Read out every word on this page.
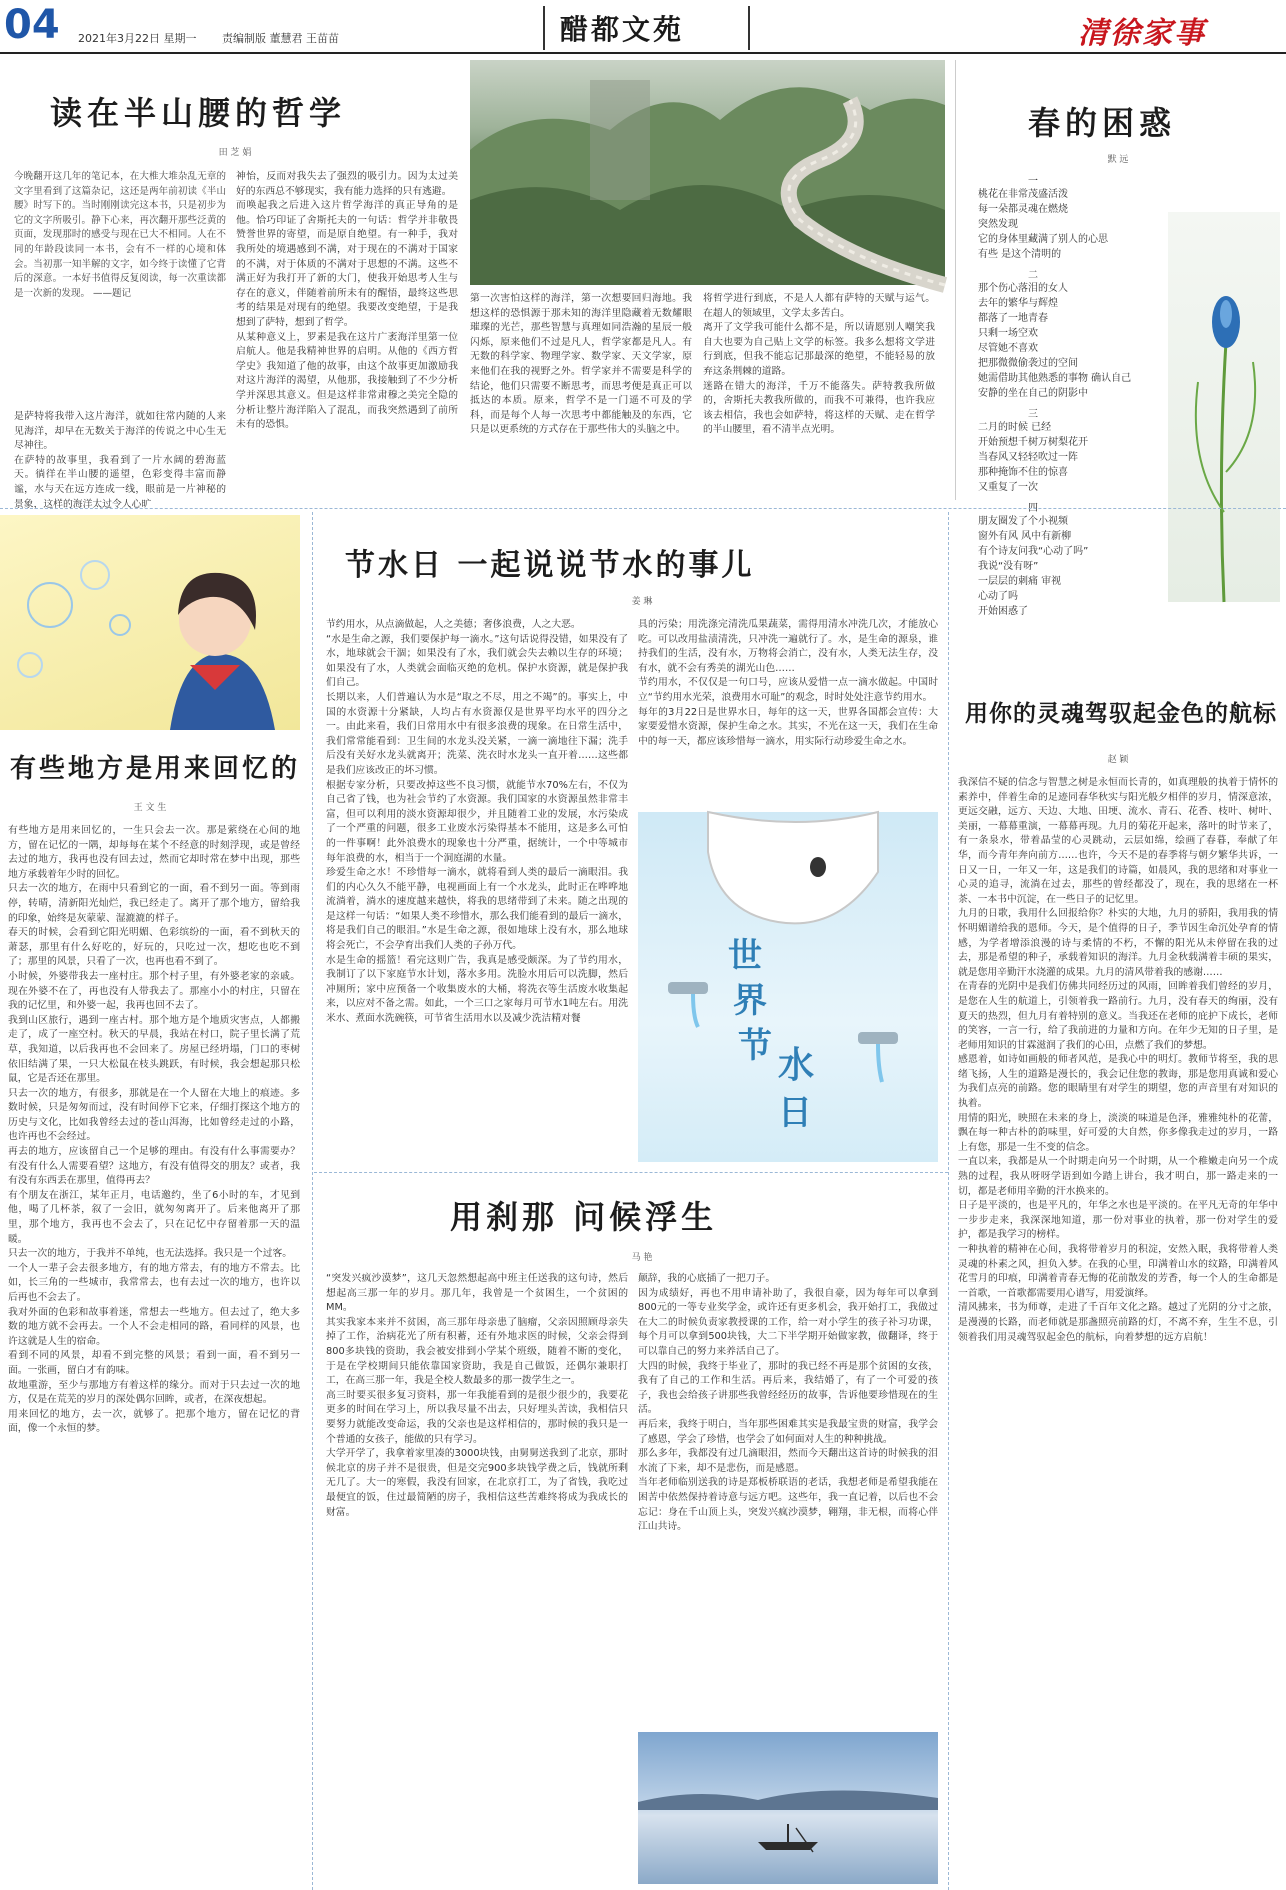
04 2021年3月22日 星期一 责编制版 董慧君 王苗苗	醋都文苑	清徐家事
读在半山腰的哲学
田 芝 娟
今晚翻开这几年的笔记本，在大椎大堆杂乱无章的文字里看到了这篇杂记，这还是两年前初读《半山腰》时写下的。当时刚刚读完这本书，只是初步为它的文字所吸引。静下心来，再次翻开那些泛黄的页面，发现那时的感受与现在已大不相同。人在不同的年龄段读同一本书，会有不一样的心境和体会。当初那一知半解的文字，如今终于读懂了它背后的深意。一本好书值得反复阅读，每一次重读都是一次新的发现。 ——题记
是萨特将我带入这片海洋，就如往常内随的人来见海洋，却早在无数关于海洋的传说之中心生无尽神往。
在萨特的故事里，我看到了一片水阔的碧海蓝天。徜徉在半山腰的遥望，色彩变得丰富而静谧，水与天在远方连成一线，眼前是一片神秘的景象，这样的海洋太过令人心旷
神怡，反而对我失去了强烈的吸引力。因为太过美好的东西总不够现实，我有能力选择的只有逃避。
而唤起我之后进入这片哲学海洋的真正导角的是他。恰巧印证了舍斯托夫的一句话：哲学并非敬畏赞誉世界的寄望，而是原自绝望。有一种手，我对我所处的境遇感到不满，对于现在的不满对于国家的不满，对于体质的不满对于思想的不满。这些不满正好为我打开了新的大门，使我开始思考人生与存在的意义，伴随着前所未有的醒悟，最终这些思考的结果是对现有的绝望。我要改变绝望，于是我想到了萨特，想到了哲学。
从某种意义上，罗素是我在这片广袤海洋里第一位启航人。他是我精神世界的启明。从他的《西方哲学史》我知道了他的故事，由这个故事更加激励我对这片海洋的渴望，从他那，我接触到了不少分析学并深思其意义。但是这样非常肃穆之美完全隐的分析让整片海洋陷入了混乱，而我突然遇到了前所未有的恐惧。
第一次害怕这样的海洋，第一次想要回归海地。我想这样的恐惧源于那未知的海洋里隐藏着无数耀眼璀璨的光芒，那些智慧与真理如同浩瀚的星辰一般闪烁，原来他们不过是凡人，哲学家都是凡人。有无数的科学家、物理学家、数学家、天文学家，原来他们在我的视野之外。哲学家并不需要是科学的结论，他们只需要不断思考，而思考便是真正可以抵达的本质。原来，哲学不是一门遥不可及的学科，而是每个人每一次思考中都能触及的东西，它只是以更系统的方式存在于那些伟大的头脑之中。
将哲学进行到底，不是人人都有萨特的天赋与运气。在超人的领域里，文学太多苦白。
离开了文学我可能什么都不是，所以请愿别人嘲笑我自大也要为自己贴上文学的标签。我多么想将文学进行到底，但我不能忘记那最深的绝望，不能轻易的放弃这条荆棘的道路。
迷路在错大的海洋，千万不能落失。萨特教我所做的，舍斯托夫教我所做的，而我不可兼得，也许我应该去相信，我也会如萨特，将这样的天赋、走在哲学的半山腰里，看不清半点光明。
春的困惑
默 远
一
桃花在非常茂盛活泼
每一朵都灵魂在燃烧
突然发现
它的身体里藏满了别人的心思
有些 是这个清明的
二
那个伤心落泪的女人
去年的繁华与辉煌
都落了一地青春
只剩一场空欢
尽管她不喜欢
把那微微偷袭过的空间
她需借助其他熟悉的事物 确认自己
安静的坐在自己的阴影中
三
二月的时候 已经
开始预想千树万树梨花开
当春风又轻轻吹过一阵
那种掩饰不住的惊喜
又重复了一次
四
朋友圈发了个小视频
窗外有风 风中有新柳
有个诗友问我“心动了吗”
我说“没有呀”
一层层的刺痛 审视
心动了吗
开始困惑了
有些地方是用来回忆的
王 文 生
有些地方是用来回忆的，一生只会去一次。那是萦绕在心间的地方，留在记忆的一隅，却每每在某个不经意的时刻浮现，或是曾经去过的地方，我再也没有回去过，然而它却时常在梦中出现，那些地方承载着年少时的回忆。
只去一次的地方，在雨中只看到它的一面，看不到另一面。等到雨停，转晴，清新阳光灿烂，我已经走了。离开了那个地方，留给我的印象，始终是灰蒙蒙、湿漉漉的样子。
春天的时候，会看到它阳光明媚、色彩缤纷的一面，看不到秋天的萧瑟，那里有什么好吃的，好玩的，只吃过一次，想吃也吃不到了；那里的风景，只看了一次，也再也看不到了。
小时候，外婆带我去一座村庄。那个村子里，有外婆老家的亲戚。现在外婆不在了，再也没有人带我去了。那座小小的村庄，只留在我的记忆里，和外婆一起，我再也回不去了。
我到山区旅行，遇到一座古村。那个地方是个地质灾害点，人都搬走了，成了一座空村。秋天的早晨，我站在村口，院子里长满了荒草，我知道，以后我再也不会回来了。房屋已经坍塌，门口的枣树依旧结满了果，一只大松鼠在枝头跳跃，有时候，我会想起那只松鼠，它是否还在那里。
只去一次的地方，有很多，那就是在一个人留在大地上的痕迹。多数时候，只是匆匆而过，没有时间停下它来，仔细打探这个地方的历史与文化，比如我曾经去过的苍山洱海，比如曾经走过的小路，也许再也不会经过。
再去的地方，应该留自己一个足够的理由。有没有什么事需要办？有没有什么人需要看望？这地方，有没有值得交的朋友？或者，我有没有东西丢在那里，值得再去？
有个朋友在浙江，某年正月，电话邀约，坐了6小时的车，才见到他，喝了几杯茶，叙了一会旧，就匆匆离开了。后来他离开了那里，那个地方，我再也不会去了，只在记忆中存留着那一天的温暖。
只去一次的地方，于我并不单纯，也无法选择。我只是一个过客。
一个人一辈子会去很多地方，有的地方常去，有的地方不常去。比如，长三角的一些城市，我常常去，也有去过一次的地方，也许以后再也不会去了。
我对外面的色彩和故事着迷，常想去一些地方。但去过了，绝大多数的地方就不会再去。一个人不会走相同的路，看同样的风景，也许这就是人生的宿命。
看到不同的风景，却看不到完整的风景；看到一面，看不到另一面。一张画，留白才有韵味。
故地重游，至少与那地方有着这样的缘分。而对于只去过一次的地方，仅是在荒芜的岁月的深处偶尔回眸，或者，在深夜想起。
用来回忆的地方，去一次，就够了。把那个地方，留在记忆的背面，像一个永恒的梦。
节水日 一起说说节水的事儿
姜 琳
节约用水，从点滴做起，人之美德；奢侈浪费，人之大恶。
“水是生命之源，我们要保护每一滴水。”这句话说得没错，如果没有了水，地球就会干涸；如果没有了水，我们就会失去赖以生存的环境；如果没有了水，人类就会面临灭绝的危机。保护水资源，就是保护我们自己。
长期以来，人们普遍认为水是“取之不尽，用之不竭”的。事实上，中国的水资源十分紧缺，人均占有水资源仅是世界平均水平的四分之一。由此来看，我们日常用水中有很多浪费的现象。在日常生活中，我们常常能看到：卫生间的水龙头没关紧，一滴一滴地往下漏；洗手后没有关好水龙头就离开；洗菜、洗衣时水龙头一直开着……这些都是我们应该改正的坏习惯。
根据专家分析，只要改掉这些不良习惯，就能节水70%左右，不仅为自己省了钱，也为社会节约了水资源。我们国家的水资源虽然非常丰富，但可以利用的淡水资源却很少，并且随着工业的发展，水污染成了一个严重的问题，很多工业废水污染得基本不能用，这是多么可怕的一件事啊！此外浪费水的现象也十分严重，据统计，一个中等城市每年浪费的水，相当于一个洞庭湖的水量。
珍爱生命之水！不珍惜每一滴水，就将看到人类的最后一滴眼泪。我们的内心久久不能平静，电视画面上有一个水龙头，此时正在哗哗地流淌着，淌水的速度越来越快，将我的思绪带到了未来。随之出现的是这样一句话：“如果人类不珍惜水，那么我们能看到的最后一滴水，将是我们自己的眼泪。”水是生命之源，很如地球上没有水，那么地球将会死亡，不会孕育出我们人类的子孙万代。
水是生命的摇篮！看完这则广告，我真是感受颇深。为了节约用水，我制订了以下家庭节水计划，落水多用。洗脸水用后可以洗脚，然后冲厕所；家中应预备一个收集废水的大桶，将洗衣等生活废水收集起来，以应对不备之需。如此，一个三口之家每月可节水1吨左右。用洗米水、煮面水洗碗筷，可节省生活用水以及减少洗洁精对餐
具的污染；用洗涤完清洗瓜果蔬菜，需得用清水冲洗几次，才能放心吃。可以改用盐渍清洗，只冲洗一遍就行了。水，是生命的源泉，谁持我们的生活，没有水，万物将会消亡，没有水，人类无法生存，没有水，就不会有秀美的湖光山色……
节约用水，不仅仅是一句口号，应该从爱惜一点一滴水做起。中国时立“节约用水光荣，浪费用水可耻”的观念，时时处处注意节约用水。
每年的3月22日是世界水日，每年的这一天，世界各国都会宣传：大家要爱惜水资源，保护生命之水。其实，不光在这一天，我们在生命中的每一天，都应该珍惜每一滴水，用实际行动珍爱生命之水。
世
界
节 水
日
用刹那 问候浮生
马 艳
“突发兴疯沙漠梦”，这几天忽然想起高中班主任送我的这句诗，然后想起高三那一年的岁月。那几年，我曾是一个贫困生，一个贫困的MM。
其实我家本来并不贫困，高三那年母亲患了脑瘤，父亲因照顾母亲失掉了工作，治病花光了所有积蓄，还有外地求医的时候，父亲会得到800多块钱的资助，我会被安排到小学某个班级，随着不断的变化，于是在学校期间只能依靠国家资助，我是自己做饭，还偶尔兼职打工，在高三那一年，我是全校人数最多的那一拨学生之一。
高三时要买很多复习资料，那一年我能看到的是很少很少的，我要花更多的时间在学习上，所以我尽量不出去，只好埋头苦读，我相信只要努力就能改变命运，我的父亲也是这样相信的，那时候的我只是一个普通的女孩子，能做的只有学习。
大学开学了，我拿着家里凑的3000块钱，由舅舅送我到了北京，那时候北京的房子并不是很贵，但是交完900多块钱学费之后，钱就所剩无几了。大一的寒假，我没有回家，在北京打工，为了省钱，我吃过最便宜的饭，住过最简陋的房子，我相信这些苦难终将成为我成长的财富。
颠辞，我的心底插了一把刀子。
因为成绩好，再也不用申请补助了，我很自豪，因为每年可以拿到800元的一等专业奖学金，或许还有更多机会，我开始打工，我做过在大二的时候负责家教授课的工作，给一对小学生的孩子补习功课，每个月可以拿到500块钱，大二下半学期开始做家教，做翻译，终于可以靠自己的努力来养活自己了。
大四的时候，我终于毕业了，那时的我已经不再是那个贫困的女孩，我有了自己的工作和生活。再后来，我结婚了，有了一个可爱的孩子，我也会给孩子讲那些我曾经经历的故事，告诉他要珍惜现在的生活。
再后来，我终于明白，当年那些困难其实是我最宝贵的财富，我学会了感恩，学会了珍惜，也学会了如何面对人生的种种挑战。
那么多年，我都没有过几滴眼泪，然而今天翻出这首诗的时候我的泪水流了下来，却不是悲伤，而是感恩。
当年老师临别送我的诗是郑板桥联语的老话，我想老师是希望我能在困苦中依然保持着诗意与远方吧。这些年，我一直记着，以后也不会忘记：身在千山顶上头，突发兴疯沙漠梦，翱翔，非无根，而将心伴江山共诗。
用你的灵魂驾驭起金色的航标
赵 颖
我深信不疑的信念与智慧之树是永恒而长青的，如真理般的执着于情怀的素养中，伴着生命的足迹同春华秋实与阳光般夕相伴的岁月，情深意浓，更远交融，远方、天边、大地、田埂、流水、青石、花香、枝叶、树叶、美丽，一幕幕重演，一幕幕再现。九月的菊花开起来，落叶的时节来了，有一条泉水，带着晶莹的心灵跳动，云层如绵，绘画了春暮，奉献了年华，而今青年奔向前方……也许，今天不是的春季将与朝夕繁华共诉，一日又一日，一年又一年，这是我们的诗篇，如晨风，我的思绪和对事业一心灵的追寻，流淌在过去，那些的曾经都没了，现在，我的思绪在一杯茶、一本书中沉淀，在一些日子的记忆里。
九月的日歌，我用什么回报给你？朴实的大地，九月的骄阳，我用我的情怀明媚谱给我的恩师。今天，是个值得的日子，季节因生命沉处孕育的情感，为学者增添浪漫的诗与柔情的不朽，不懈的阳光从未停留在我的过去，那是希望的种子，承载着知识的海洋。九月金秋载满着丰硕的果实，就是您用辛勤汗水浇灌的成果。九月的清风带着我的感谢……
在青春的光阴中是我们仿佛共同经历过的风雨，回眸着我们曾经的岁月，是您在人生的航道上，引领着我一路前行。九月，没有春天的绚丽，没有夏天的热烈，但九月有着特别的意义。当我还在老师的庇护下成长，老师的笑容，一言一行，给了我前进的力量和方向。在年少无知的日子里，是老师用知识的甘霖滋润了我们的心田，点燃了我们的梦想。
感恩着，如诗如画般的师者风范，是我心中的明灯。教师节将至，我的思绪飞扬，人生的道路是漫长的，我会记住您的教诲，那是您用真诚和爱心为我们点亮的前路。您的眼睛里有对学生的期望，您的声音里有对知识的执着。
用情的阳光，映照在未来的身上，淡淡的味道是色泽，雅雅纯朴的花蕾，飘在每一种古朴的韵味里，好可爱的大自然，你多像我走过的岁月，一路上有您，那是一生不变的信念。
一直以来，我都是从一个时期走向另一个时期，从一个稚嫩走向另一个成熟的过程，我从呀呀学语到如今踏上讲台，我才明白，那一路走来的一切，都是老师用辛勤的汗水换来的。
日子是平淡的，也是平凡的，年华之水也是平淡的。在平凡无奇的年华中一步步走来，我深深地知道，那一份对事业的执着，那一份对学生的爱护，都是我学习的榜样。
一种执着的精神在心间，我将带着岁月的积淀，安然入眠，我将带着人类灵魂的朴素之风，担负入梦。在我的心里，印满着山水的纹路，印满着风花雪月的印痕，印满着青春无悔的花前散发的芳香，每一个人的生命都是一首歌，一首歌都需要用心谱写，用爱演绎。
清风拂来，书为师尊，走进了千百年文化之路。越过了光阴的分寸之旅，是漫漫的长路，而老师就是那盏照亮前路的灯，不离不弃，生生不息，引领着我们用灵魂驾驭起金色的航标，向着梦想的远方启航！
